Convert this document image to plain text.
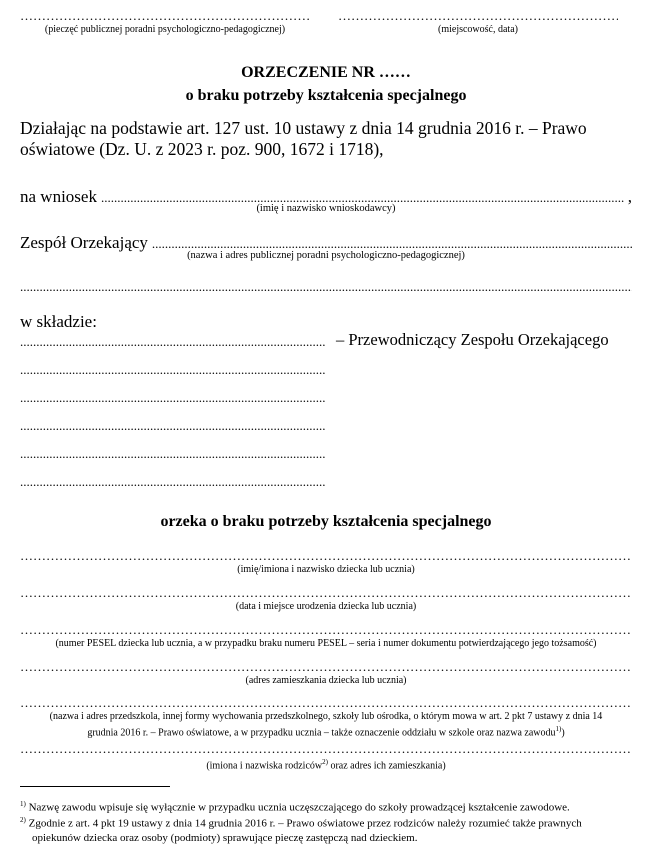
……………………………………………………………………………………………………………………………………………………
(pieczęć publicznej poradni psychologiczno-pedagogicznej)
……………………………………………………………………………………………………………………………………………………	(miejscowość, data)
ORZECZENIE NR ……
o braku potrzeby kształcenia specjalnego
Działając na podstawie art. 127 ust. 10 ustawy z dnia 14 grudnia 2016 r. – Prawo oświatowe (Dz. U. z 2023 r. poz. 900, 1672 i 1718),
na wniosek
.....	,
(imię i nazwisko wnioskodawcy)
Zespół Orzekający
.....
(nazwa i adres publicznej poradni psychologiczno-pedagogicznej)
.....
w składzie:
.....
– Przewodniczący Zespołu Orzekającego
.....
.....
.....
.....
.....
orzeka o braku potrzeby kształcenia specjalnego
……………………………………………………………………………………………………………………………………………………
(imię/imiona i nazwisko dziecka lub ucznia)
……………………………………………………………………………………………………………………………………………………
(data i miejsce urodzenia dziecka lub ucznia)
……………………………………………………………………………………………………………………………………………………
(numer PESEL dziecka lub ucznia, a w przypadku braku numeru PESEL – seria i numer dokumentu potwierdzającego jego tożsamość)
……………………………………………………………………………………………………………………………………………………
(adres zamieszkania dziecka lub ucznia)
……………………………………………………………………………………………………………………………………………………
(nazwa i adres przedszkola, innej formy wychowania przedszkolnego, szkoły lub ośrodka, o którym mowa w art. 2 pkt 7 ustawy z dnia 14 grudnia 2016 r. – Prawo oświatowe, a w przypadku ucznia – także oznaczenie oddziału w szkole oraz nazwa zawodu$^{1)}$)
……………………………………………………………………………………………………………………………………………………
(imiona i nazwiska rodziców$^{2)}$ oraz adres ich zamieszkania)
$^{1)}$ Nazwę zawodu wpisuje się wyłącznie w przypadku ucznia uczęszczającego do szkoły prowadzącej kształcenie zawodowe.
$^{2)}$ Zgodnie z art. 4 pkt 19 ustawy z dnia 14 grudnia 2016 r. – Prawo oświatowe przez rodziców należy rozumieć także prawnych
opiekunów dziecka oraz osoby (podmioty) sprawujące pieczę zastępczą nad dzieckiem.
